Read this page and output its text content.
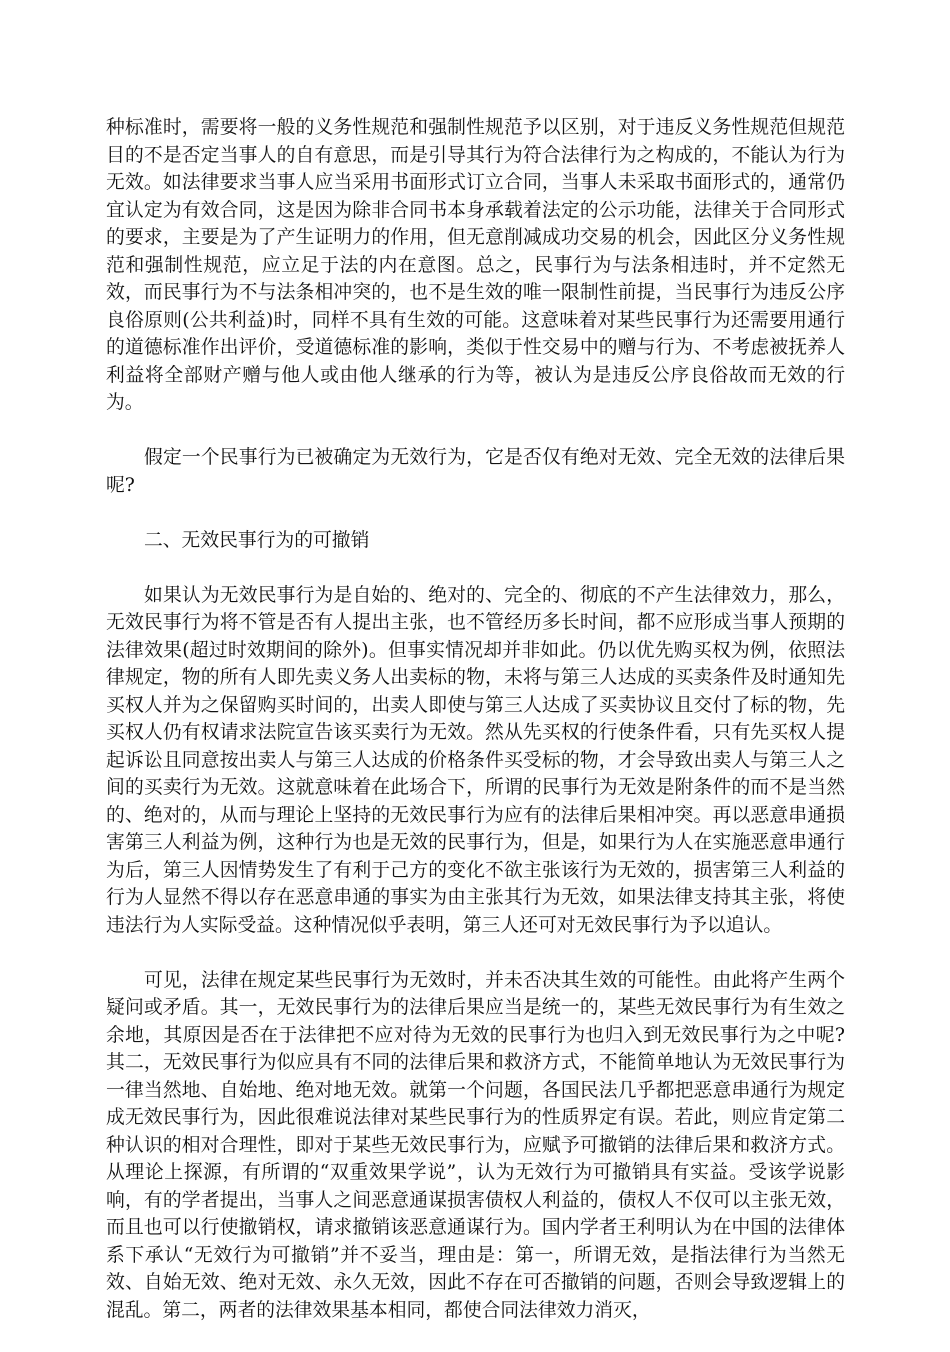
种标准时，需要将一般的义务性规范和强制性规范予以区别，对于违反义务性规范但规范目的不是否定当事人的自有意思，而是引导其行为符合法律行为之构成的，不能认为行为无效。如法律要求当事人应当采用书面形式订立合同，当事人未采取书面形式的，通常仍宜认定为有效合同，这是因为除非合同书本身承载着法定的公示功能，法律关于合同形式的要求，主要是为了产生证明力的作用，但无意削减成功交易的机会，因此区分义务性规范和强制性规范，应立足于法的内在意图。总之，民事行为与法条相违时，并不定然无效，而民事行为不与法条相冲突的，也不是生效的唯一限制性前提，当民事行为违反公序良俗原则(公共利益)时，同样不具有生效的可能。这意味着对某些民事行为还需要用通行的道德标准作出评价，受道德标准的影响，类似于性交易中的赠与行为、不考虑被抚养人利益将全部财产赠与他人或由他人继承的行为等，被认为是违反公序良俗故而无效的行为。

假定一个民事行为已被确定为无效行为，它是否仅有绝对无效、完全无效的法律后果呢?

二、无效民事行为的可撤销

如果认为无效民事行为是自始的、绝对的、完全的、彻底的不产生法律效力，那么，无效民事行为将不管是否有人提出主张，也不管经历多长时间，都不应形成当事人预期的法律效果(超过时效期间的除外)。但事实情况却并非如此。仍以优先购买权为例，依照法律规定，物的所有人即先卖义务人出卖标的物，未将与第三人达成的买卖条件及时通知先买权人并为之保留购买时间的，出卖人即使与第三人达成了买卖协议且交付了标的物，先买权人仍有权请求法院宣告该买卖行为无效。然从先买权的行使条件看，只有先买权人提起诉讼且同意按出卖人与第三人达成的价格条件买受标的物，才会导致出卖人与第三人之间的买卖行为无效。这就意味着在此场合下，所谓的民事行为无效是附条件的而不是当然的、绝对的，从而与理论上坚持的无效民事行为应有的法律后果相冲突。再以恶意串通损害第三人利益为例，这种行为也是无效的民事行为，但是，如果行为人在实施恶意串通行为后，第三人因情势发生了有利于己方的变化不欲主张该行为无效的，损害第三人利益的行为人显然不得以存在恶意串通的事实为由主张其行为无效，如果法律支持其主张，将使违法行为人实际受益。这种情况似乎表明，第三人还可对无效民事行为予以追认。

可见，法律在规定某些民事行为无效时，并未否决其生效的可能性。由此将产生两个疑问或矛盾。其一，无效民事行为的法律后果应当是统一的，某些无效民事行为有生效之余地，其原因是否在于法律把不应对待为无效的民事行为也归入到无效民事行为之中呢?其二，无效民事行为似应具有不同的法律后果和救济方式，不能简单地认为无效民事行为一律当然地、自始地、绝对地无效。就第一个问题，各国民法几乎都把恶意串通行为规定成无效民事行为，因此很难说法律对某些民事行为的性质界定有误。若此，则应肯定第二种认识的相对合理性，即对于某些无效民事行为，应赋予可撤销的法律后果和救济方式。从理论上探源，有所谓的“双重效果学说”，认为无效行为可撤销具有实益。受该学说影响，有的学者提出，当事人之间恶意通谋损害债权人利益的，债权人不仅可以主张无效，而且也可以行使撤销权，请求撤销该恶意通谋行为。国内学者王利明认为在中国的法律体系下承认“无效行为可撤销”并不妥当，理由是：第一，所谓无效，是指法律行为当然无效、自始无效、绝对无效、永久无效，因此不存在可否撤销的问题，否则会导致逻辑上的混乱。第二，两者的法律效果基本相同，都使合同法律效力消灭，
